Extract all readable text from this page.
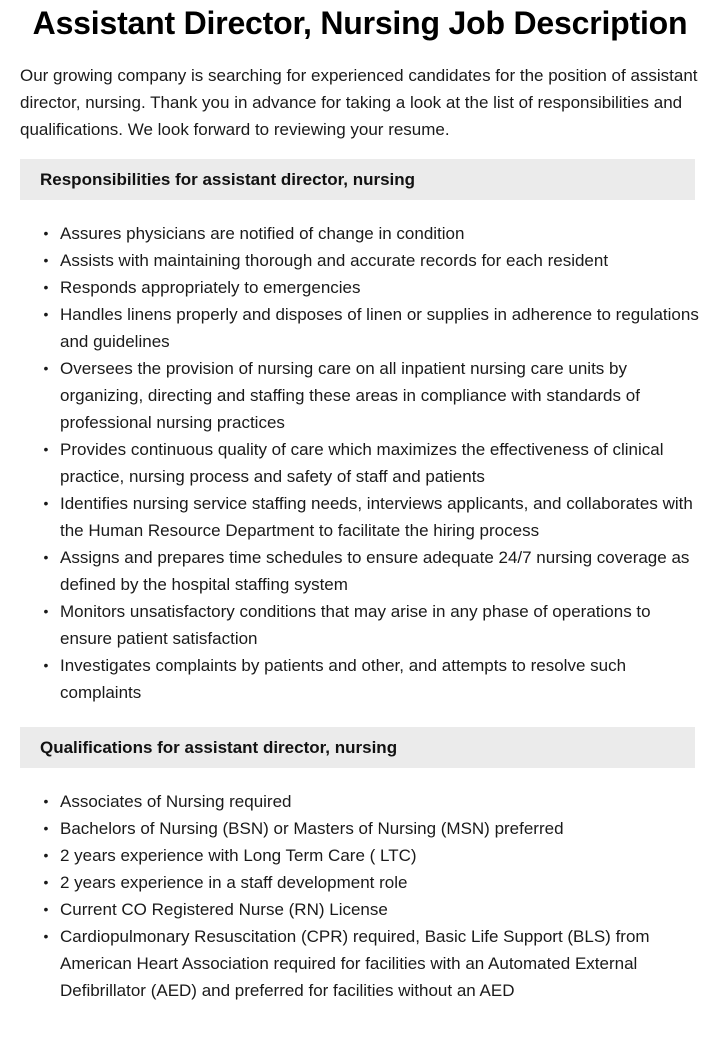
Assistant Director, Nursing Job Description

Our growing company is searching for experienced candidates for the position of assistant director, nursing. Thank you in advance for taking a look at the list of responsibilities and qualifications. We look forward to reviewing your resume.

Responsibilities for assistant director, nursing
• Assures physicians are notified of change in condition
• Assists with maintaining thorough and accurate records for each resident
• Responds appropriately to emergencies
• Handles linens properly and disposes of linen or supplies in adherence to regulations and guidelines
• Oversees the provision of nursing care on all inpatient nursing care units by organizing, directing and staffing these areas in compliance with standards of professional nursing practices
• Provides continuous quality of care which maximizes the effectiveness of clinical practice, nursing process and safety of staff and patients
• Identifies nursing service staffing needs, interviews applicants, and collaborates with the Human Resource Department to facilitate the hiring process
• Assigns and prepares time schedules to ensure adequate 24/7 nursing coverage as defined by the hospital staffing system
• Monitors unsatisfactory conditions that may arise in any phase of operations to ensure patient satisfaction
• Investigates complaints by patients and other, and attempts to resolve such complaints
Qualifications for assistant director, nursing
• Associates of Nursing required
• Bachelors of Nursing (BSN) or Masters of Nursing (MSN) preferred
• 2 years experience with Long Term Care ( LTC)
• 2 years experience in a staff development role
• Current CO Registered Nurse (RN) License
• Cardiopulmonary Resuscitation (CPR) required, Basic Life Support (BLS) from American Heart Association required for facilities with an Automated External Defibrillator (AED) and preferred for facilities without an AED
